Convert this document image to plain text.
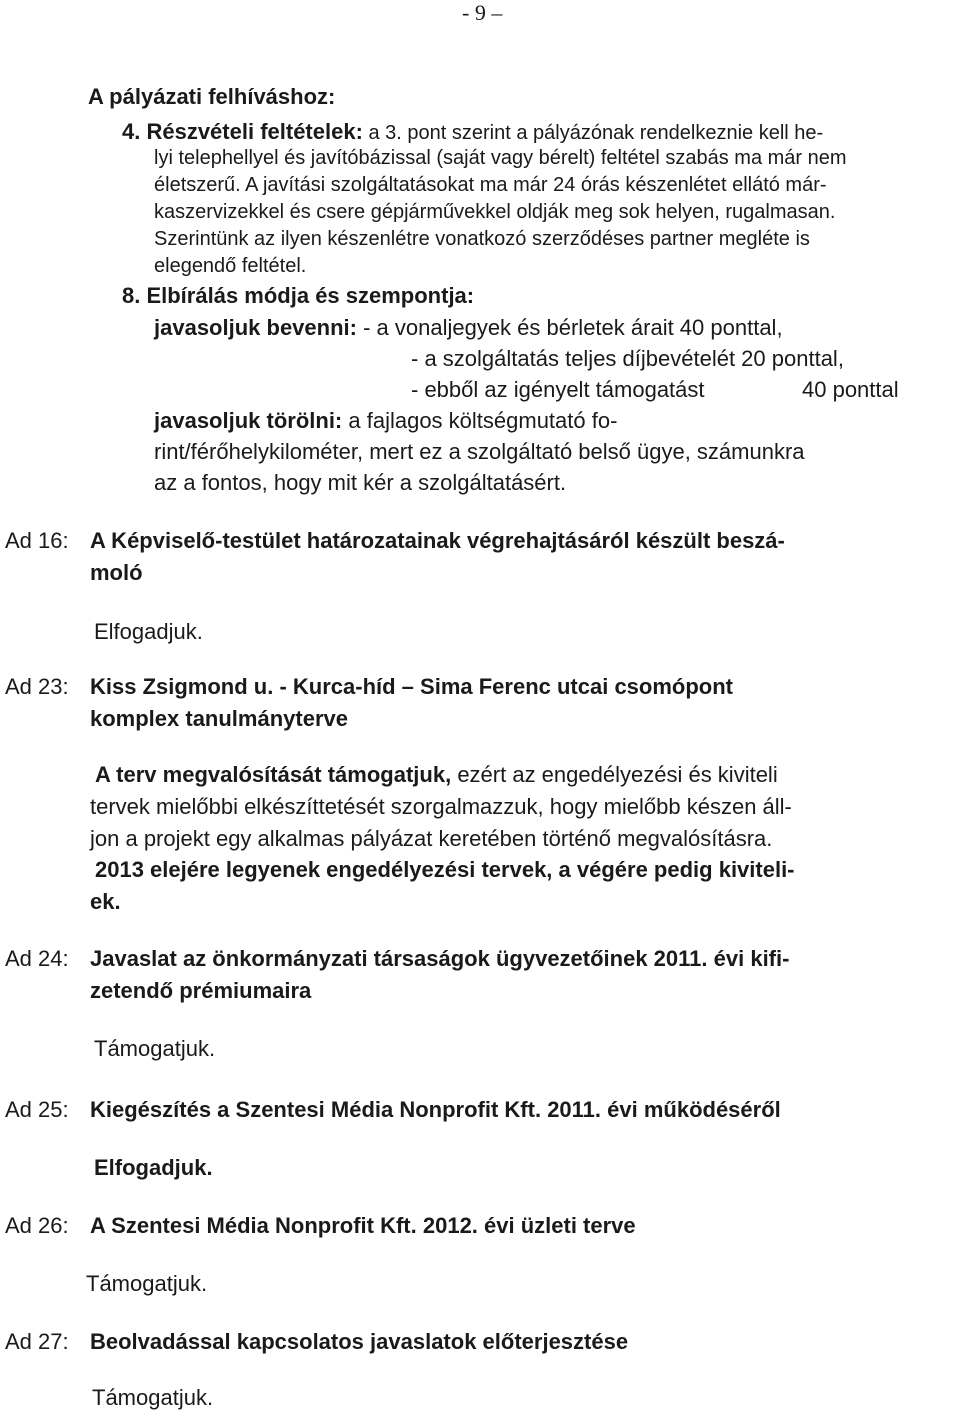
- 9 –
A pályázati felhíváshoz:
4. Részvételi feltételek: a 3. pont szerint a pályázónak rendelkeznie kell he-
lyi telephellyel és javítóbázissal (saját vagy bérelt) feltétel szabás ma már nem
életszerű. A javítási szolgáltatásokat ma már 24 órás készenlétet ellátó már-
kaszervizekkel és csere gépjárművekkel oldják meg sok helyen, rugalmasan.
Szerintünk az ilyen készenlétre vonatkozó szerződéses partner megléte is
elegendő feltétel.
8. Elbírálás módja és szempontja:
javasoljuk bevenni: - a vonaljegyek és bérletek árait 40 ponttal,
- a szolgáltatás teljes díjbevételét 20 ponttal,
- ebből az igényelt támogatást	40 ponttal
javasoljuk törölni: a fajlagos költségmutató fo-
rint/férőhelykilométer, mert ez a szolgáltató belső ügye, számunkra
az a fontos, hogy mit kér a szolgáltatásért.
Ad 16: A Képviselő-testület határozatainak végrehajtásáról készült beszá-
moló
Elfogadjuk.
Ad 23: Kiss Zsigmond u. - Kurca-híd – Sima Ferenc utcai csomópont
komplex tanulmányterve
A terv megvalósítását támogatjuk, ezért az engedélyezési és kiviteli
tervek mielőbbi elkészíttetését szorgalmazzuk, hogy mielőbb készen áll-
jon a projekt egy alkalmas pályázat keretében történő megvalósításra.
2013 elejére legyenek engedélyezési tervek, a végére pedig kiviteli-
ek.
Ad 24: Javaslat az önkormányzati társaságok ügyvezetőinek 2011. évi kifi-
zetendő prémiumaira
Támogatjuk.
Ad 25: Kiegészítés a Szentesi Média Nonprofit Kft. 2011. évi működéséről
Elfogadjuk.
Ad 26: A Szentesi Média Nonprofit Kft. 2012. évi üzleti terve
Támogatjuk.
Ad 27: Beolvadással kapcsolatos javaslatok előterjesztése
Támogatjuk.
